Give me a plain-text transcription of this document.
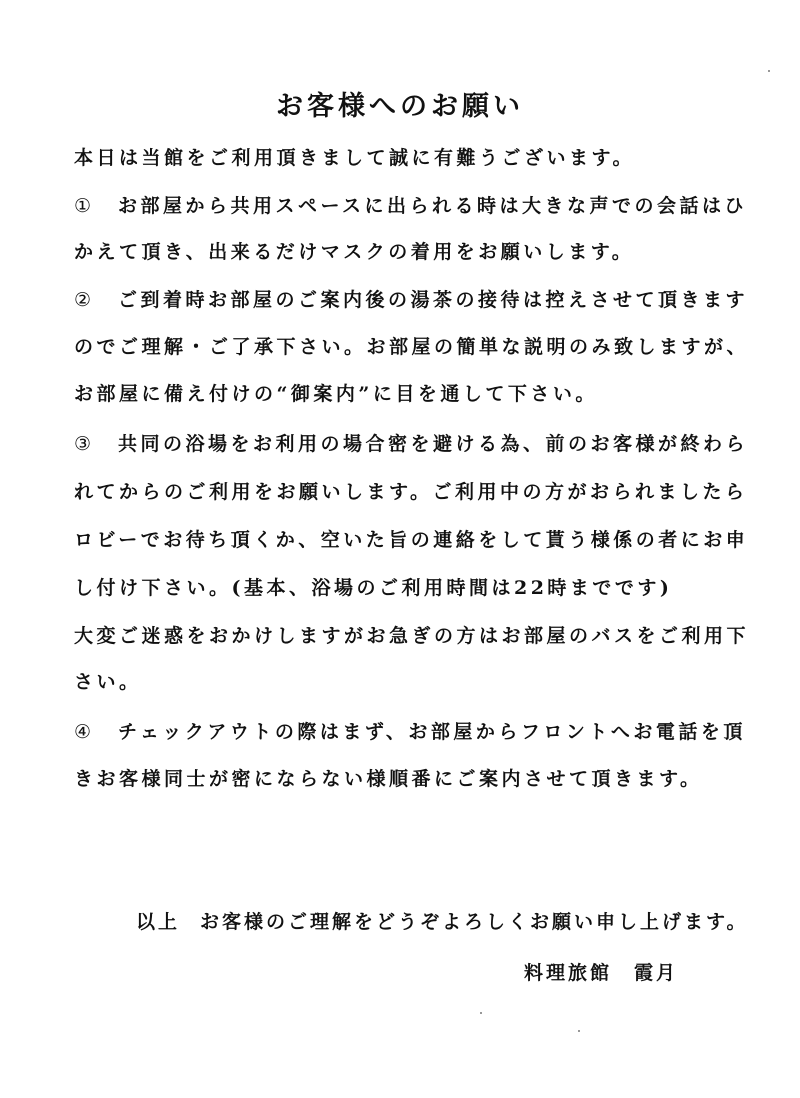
お客様へのお願い
本日は当館をご利用頂きまして誠に有難うございます。
① お部屋から共用スペースに出られる時は大きな声での会話はひ
かえて頂き、出来るだけマスクの着用をお願いします。
② ご到着時お部屋のご案内後の湯茶の接待は控えさせて頂きます
のでご理解・ご了承下さい。お部屋の簡単な説明のみ致しますが、
お部屋に備え付けの“御案内”に目を通して下さい。
③ 共同の浴場をお利用の場合密を避ける為、前のお客様が終わら
れてからのご利用をお願いします。ご利用中の方がおられましたら
ロビーでお待ち頂くか、空いた旨の連絡をして貰う様係の者にお申
し付け下さい。(基本、浴場のご利用時間は22時までです)
大変ご迷惑をおかけしますがお急ぎの方はお部屋のバスをご利用下
さい。
④ チェックアウトの際はまず、お部屋からフロントへお電話を頂
きお客様同士が密にならない様順番にご案内させて頂きます。
以上 お客様のご理解をどうぞよろしくお願い申し上げます。
料理旅館 霞月
